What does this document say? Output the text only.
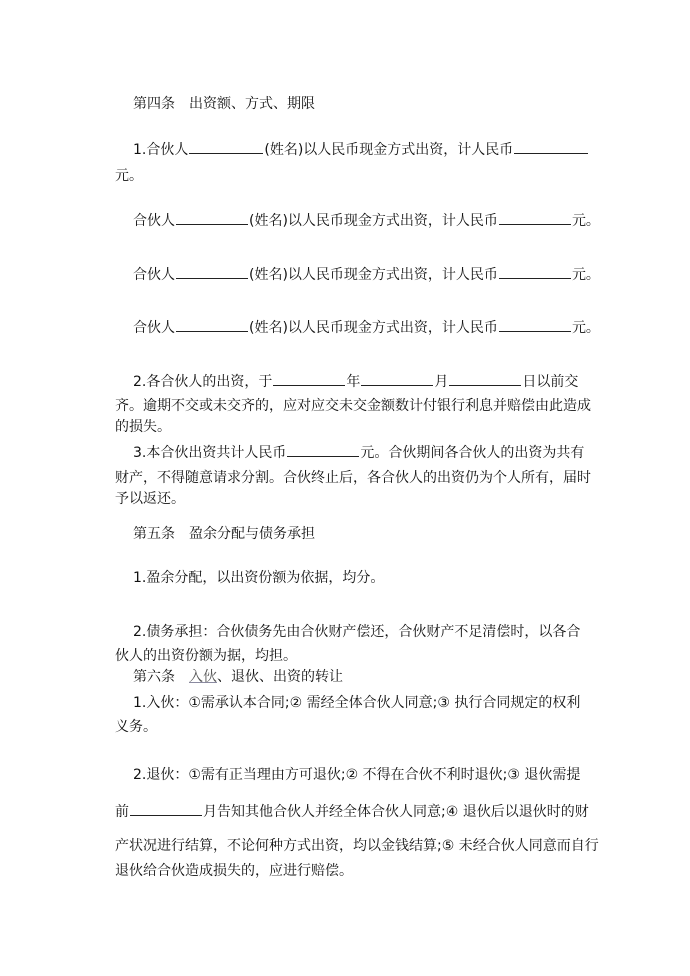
第四条　出资额、方式、期限
1.合伙人	(姓名)以人民币现金方式出资，计人民币
元。
合伙人	(姓名)以人民币现金方式出资，计人民币	元。
合伙人	(姓名)以人民币现金方式出资，计人民币	元。
合伙人	(姓名)以人民币现金方式出资，计人民币	元。
2.各合伙人的出资，于	年	月	日以前交
齐。逾期不交或未交齐的，应对应交未交金额数计付银行利息并赔偿由此造成
的损失。
3.本合伙出资共计人民币	元。合伙期间各合伙人的出资为共有
财产，不得随意请求分割。合伙终止后，各合伙人的出资仍为个人所有，届时
予以返还。
第五条　盈余分配与债务承担
1.盈余分配，以出资份额为依据，均分。
2.债务承担：合伙债务先由合伙财产偿还，合伙财产不足清偿时，以各合
伙人的出资份额为据，均担。
第六条　入伙、退伙、出资的转让
1.入伙：①需承认本合同;② 需经全体合伙人同意;③ 执行合同规定的权利
义务。
2.退伙：①需有正当理由方可退伙;② 不得在合伙不利时退伙;③ 退伙需提
前	月告知其他合伙人并经全体合伙人同意;④ 退伙后以退伙时的财
产状况进行结算，不论何种方式出资，均以金钱结算;⑤ 未经合伙人同意而自行
退伙给合伙造成损失的，应进行赔偿。
